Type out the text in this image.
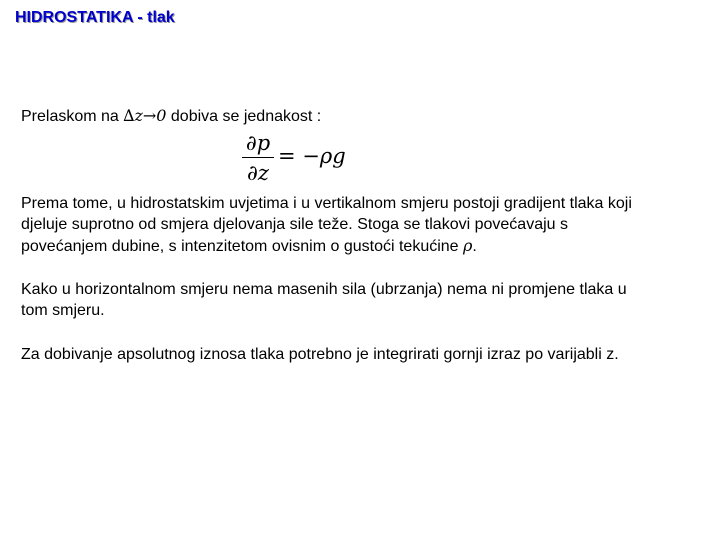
HIDROSTATIKA - tlak
Prelaskom na ∆z→0 dobiva se jednakost :
∂p
∂z
= −ρg
Prema tome, u hidrostatskim uvjetima i u vertikalnom smjeru postoji gradijent tlaka koji
djeluje suprotno od smjera djelovanja sile teže. Stoga se tlakovi povećavaju s
povećanjem dubine, s intenzitetom ovisnim o gustoći tekućine ρ.
Kako u horizontalnom smjeru nema masenih sila (ubrzanja) nema ni promjene tlaka u
tom smjeru.
Za dobivanje apsolutnog iznosa tlaka potrebno je integrirati gornji izraz po varijabli z.
